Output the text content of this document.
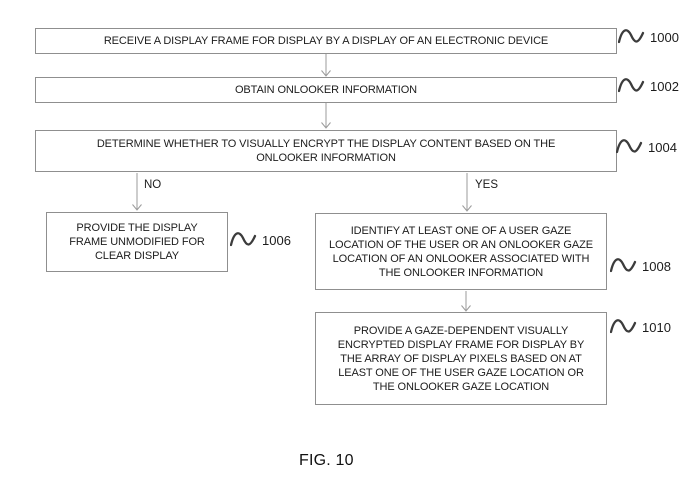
RECEIVE A DISPLAY FRAME FOR DISPLAY BY A DISPLAY OF AN ELECTRONIC DEVICE
OBTAIN ONLOOKER INFORMATION
DETERMINE WHETHER TO VISUALLY ENCRYPT THE DISPLAY CONTENT BASED ON THE ONLOOKER INFORMATION
PROVIDE THE DISPLAY FRAME UNMODIFIED FOR CLEAR DISPLAY
IDENTIFY AT LEAST ONE OF A USER GAZE LOCATION OF THE USER OR AN ONLOOKER GAZE LOCATION OF AN ONLOOKER ASSOCIATED WITH THE ONLOOKER INFORMATION
PROVIDE A GAZE-DEPENDENT VISUALLY ENCRYPTED DISPLAY FRAME FOR DISPLAY BY THE ARRAY OF DISPLAY PIXELS BASED ON AT LEAST ONE OF THE USER GAZE LOCATION OR THE ONLOOKER GAZE LOCATION
NO	YES
1000
1002
1004
1006
1008
1010
FIG. 10
